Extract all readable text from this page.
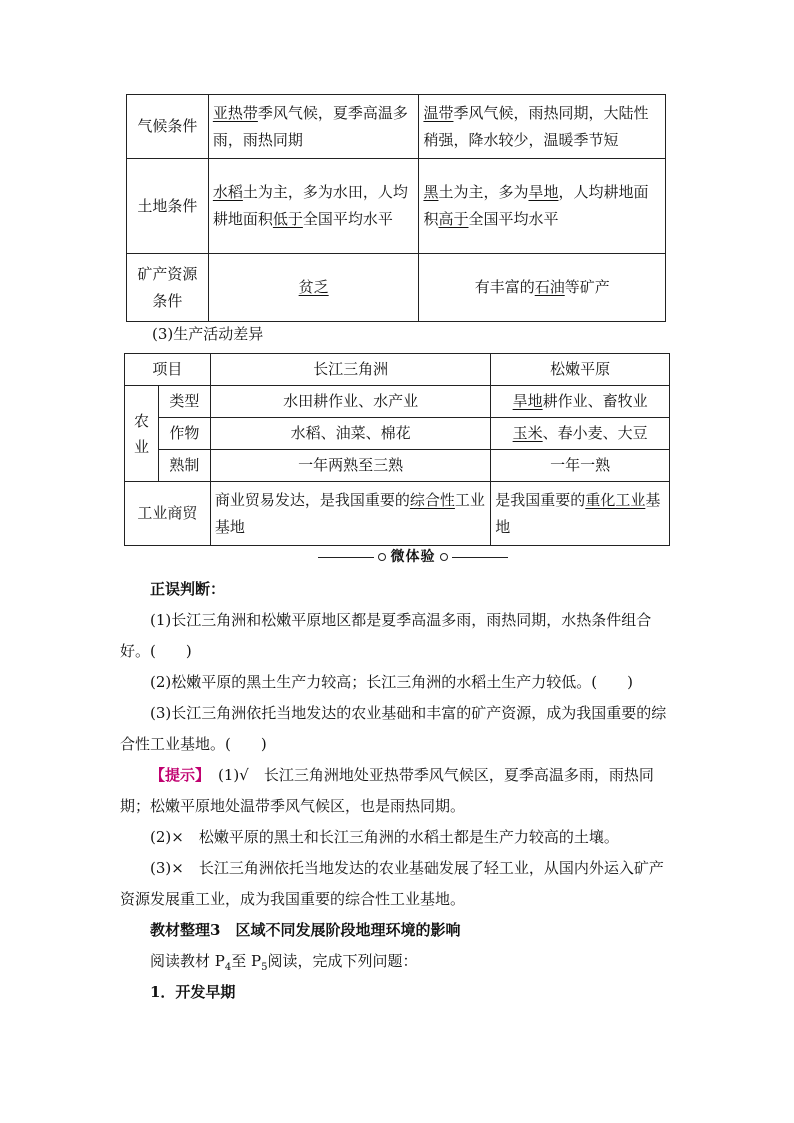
气候条件	亚热带季风气候，夏季高温多雨，雨热同期	温带季风气候，雨热同期，大陆性稍强，降水较少，温暖季节短
土地条件	水稻土为主，多为水田，人均耕地面积低于全国平均水平	黑土为主，多为旱地，人均耕地面积高于全国平均水平
矿产资源条件	贫乏	有丰富的石油等矿产
(3)生产活动差异
项目		长江三角洲	松嫩平原
农业	类型	水田耕作业、水产业	旱地耕作业、畜牧业
	作物	水稻、油菜、棉花	玉米、春小麦、大豆
	熟制	一年两熟至三熟	一年一熟
工业商贸		商业贸易发达，是我国重要的综合性工业基地	是我国重要的重化工业基地
微体验
正误判断：
(1)长江三角洲和松嫩平原地区都是夏季高温多雨，雨热同期，水热条件组合好。(　　)
(2)松嫩平原的黑土生产力较高；长江三角洲的水稻土生产力较低。(　　)
(3)长江三角洲依托当地发达的农业基础和丰富的矿产资源，成为我国重要的综合性工业基地。(　　)
【提示】 (1)√　长江三角洲地处亚热带季风气候区，夏季高温多雨，雨热同期；松嫩平原地处温带季风气候区，也是雨热同期。
(2)×　松嫩平原的黑土和长江三角洲的水稻土都是生产力较高的土壤。
(3)×　长江三角洲依托当地发达的农业基础发展了轻工业，从国内外运入矿产资源发展重工业，成为我国重要的综合性工业基地。
教材整理3　区域不同发展阶段地理环境的影响
阅读教材 $P_4$至 $P_5$阅读，完成下列问题：
1．开发早期
